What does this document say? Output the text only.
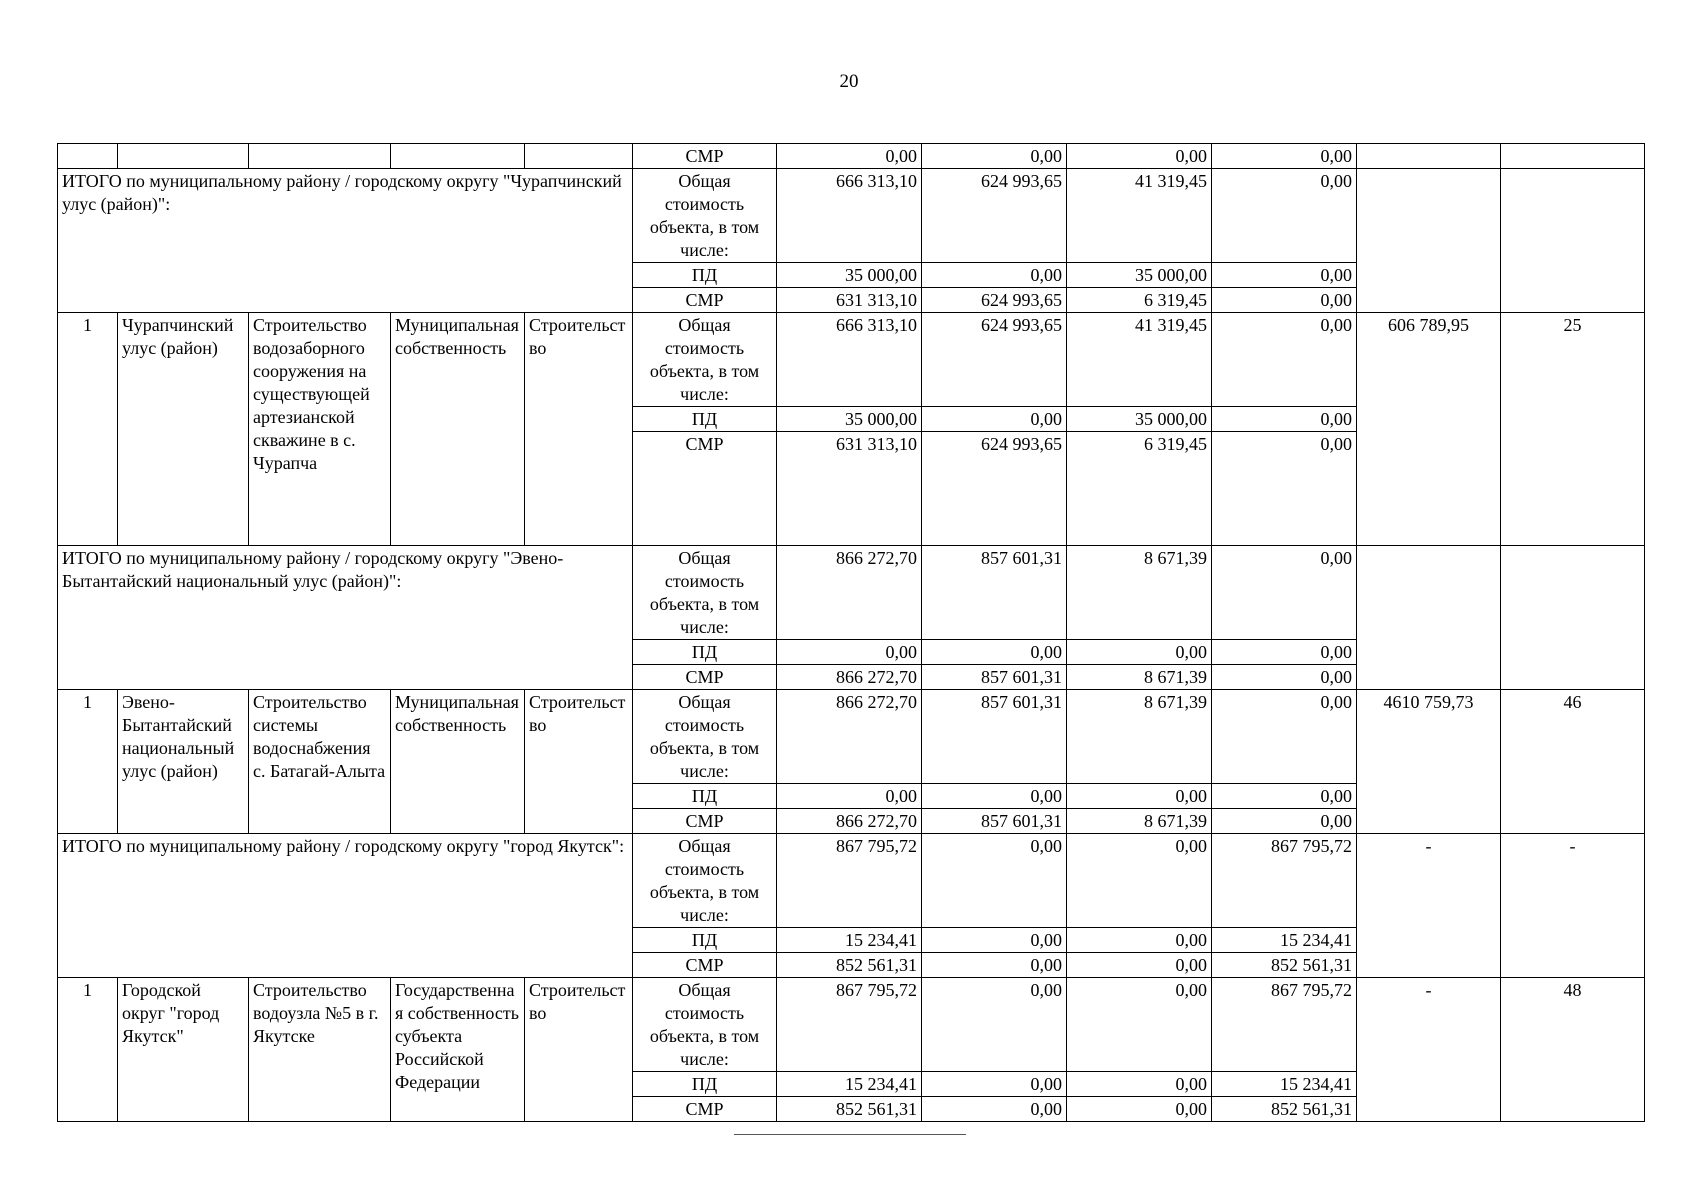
20
					СМР	0,00	0,00	0,00	0,00		
ИТОГО по муниципальному району / городскому округу "Чурапчинский улус (район)":					Общая стоимость объекта, в том числе:	666 313,10	624 993,65	41 319,45	0,00		
					ПД	35 000,00	0,00	35 000,00	0,00		
					СМР	631 313,10	624 993,65	6 319,45	0,00		
1	Чурапчинский улус (район)	Строительство водозаборного сооружения на существующей артезианской скважине в с. Чурапча	Муниципальная собственность	Строительство	Общая стоимость объекта, в том числе:	666 313,10	624 993,65	41 319,45	0,00	606 789,95	25
					ПД	35 000,00	0,00	35 000,00	0,00		
					СМР	631 313,10	624 993,65	6 319,45	0,00		
ИТОГО по муниципальному району / городскому округу "Эвено-Бытантайский национальный улус (район)":					Общая стоимость объекта, в том числе:	866 272,70	857 601,31	8 671,39	0,00		
					ПД	0,00	0,00	0,00	0,00		
					СМР	866 272,70	857 601,31	8 671,39	0,00		
1	Эвено-Бытантайский национальный улус (район)	Строительство системы водоснабжения с. Батагай-Алыта	Муниципальная собственность	Строительство	Общая стоимость объекта, в том числе:	866 272,70	857 601,31	8 671,39	0,00	4610 759,73	46
					ПД	0,00	0,00	0,00	0,00		
					СМР	866 272,70	857 601,31	8 671,39	0,00		
ИТОГО по муниципальному району / городскому округу "город Якутск":					Общая стоимость объекта, в том числе:	867 795,72	0,00	0,00	867 795,72	-	-
					ПД	15 234,41	0,00	0,00	15 234,41		
					СМР	852 561,31	0,00	0,00	852 561,31		
1	Городской округ "город Якутск"	Строительство водоузла №5 в г. Якутске	Государственная собственность субъекта Российской Федерации	Строительство	Общая стоимость объекта, в том числе:	867 795,72	0,00	0,00	867 795,72	-	48
					ПД	15 234,41	0,00	0,00	15 234,41		
					СМР	852 561,31	0,00	0,00	852 561,31		
